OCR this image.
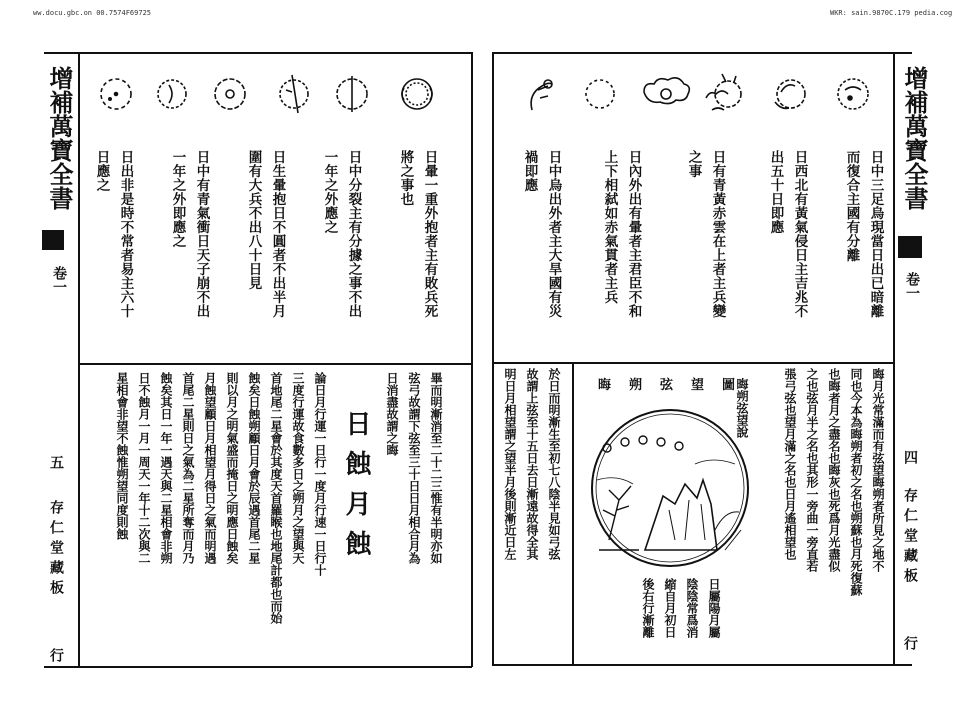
ww.docu.gbc.on 00.7574F69725	WKR: sain.9870C.179 pedia.cog
增補萬寶全書
卷一
五
存仁堂藏板
行
日暈一重外抱者主有敗兵死
將之事也
日中分裂主有分據之事不出
一年之外應之
日生暈抱日不圓者不出半月
圍有大兵不出八十日見
日中有青氣衝日天子崩不出
一年之外即應之
日出非是時不常者易主六十
日應之
畢而明漸消至二十二三惟有半明亦如
弦弓故謂下弦至三十日日月相合月為
日消盡故謂之晦
日蝕月蝕
論日月行運一日行一度月行速一日行十
三度行運故食數多日之朔月之望與天
首地尾二星會於其度天首羅睺也地尾計都也而始
蝕矣日蝕朔顧日月會於辰遇首尾二星
則以月之明氣盛而掩日之明應日蝕矣
月蝕望顧日月相望月得日之氣而明遇
首尾二星則日之氣為二星所奪而月乃
蝕矣其日一年一遇天與二星相會非朔
日不蝕月一月一周天一年十二次與二
星相會非望不蝕惟朔望同度則蝕
增補萬寶全書
卷一
四
存仁堂藏板
行
日中三足烏現當日出已暗離
而復合主國有分離
日西北有黃氣侵日主吉兆不
出五十日即應
日有青黃赤雲在上者主兵變
之事
日內外出有暈者主君臣不和
上下相弑如赤氣貫者主兵
日中烏出外者主大旱國有災
禍即應
晦月光常滿而有弦望晦朔者所見之地不
同也今本為晦朔者初之名也朔蘇也月死復蘇
也晦者月之盡名也晦灰也死爲月光盡似
之也弦月半之名也其形一旁曲一旁直若
張弓弦也望月滿之名也日月遙相望也
晦朔弦望圖
晦朔弦望說
日屬陽月屬
陰陰常爲消
縮自月初日
後右行漸離
於日而明漸生至初七八陰半見如弓弦
故謂上弦至十五日去日漸遠故得全其
明日月相望謂之望半月後則漸近日左
